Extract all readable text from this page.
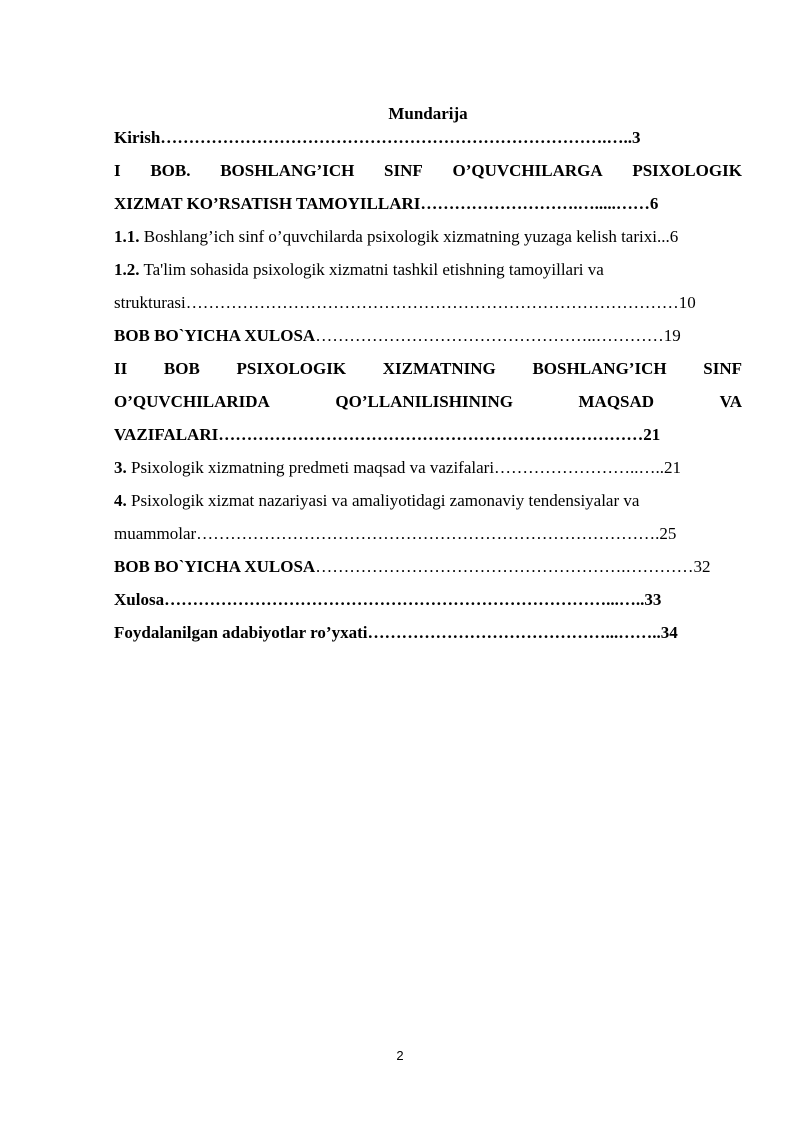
Mundarija
Kirish…………………………………………………………………….…..3
I BOB. BOSHLANG’ICH SINF O’QUVCHILARGA PSIXOLOGIK
XIZMAT KO’RSATISH TAMOYILLARI……………………….….....……6
1.1. Boshlang’ich sinf o’quvchilarda psixologik xizmatning yuzaga kelish tarixi...6
1.2. Ta'lim sohasida psixologik xizmatni tashkil etishning tamoyillari va
strukturasi……………………………………………………………………………10
BOB BO`YICHA XULOSA…………………………………………..…………19
II BOB PSIXOLOGIK XIZMATNING BOSHLANG’ICH SINF
O’QUVCHILARIDA	QO’LLANILISHINING	MAQSAD	VA
VAZIFALARI…………………………………………………………………21
3. Psixologik xizmatning predmeti maqsad va vazifalari……………………..…..21
4. Psixologik xizmat nazariyasi va amaliyotidagi zamonaviy tendensiyalar va
muammolar……………………………………………………………………….25
BOB BO`YICHA XULOSA……………………………………………….…………32
Xulosa……………………………………………………………………...…..33
Foydalanilgan adabiyotlar ro’yxati……………………………………...……..34
2
